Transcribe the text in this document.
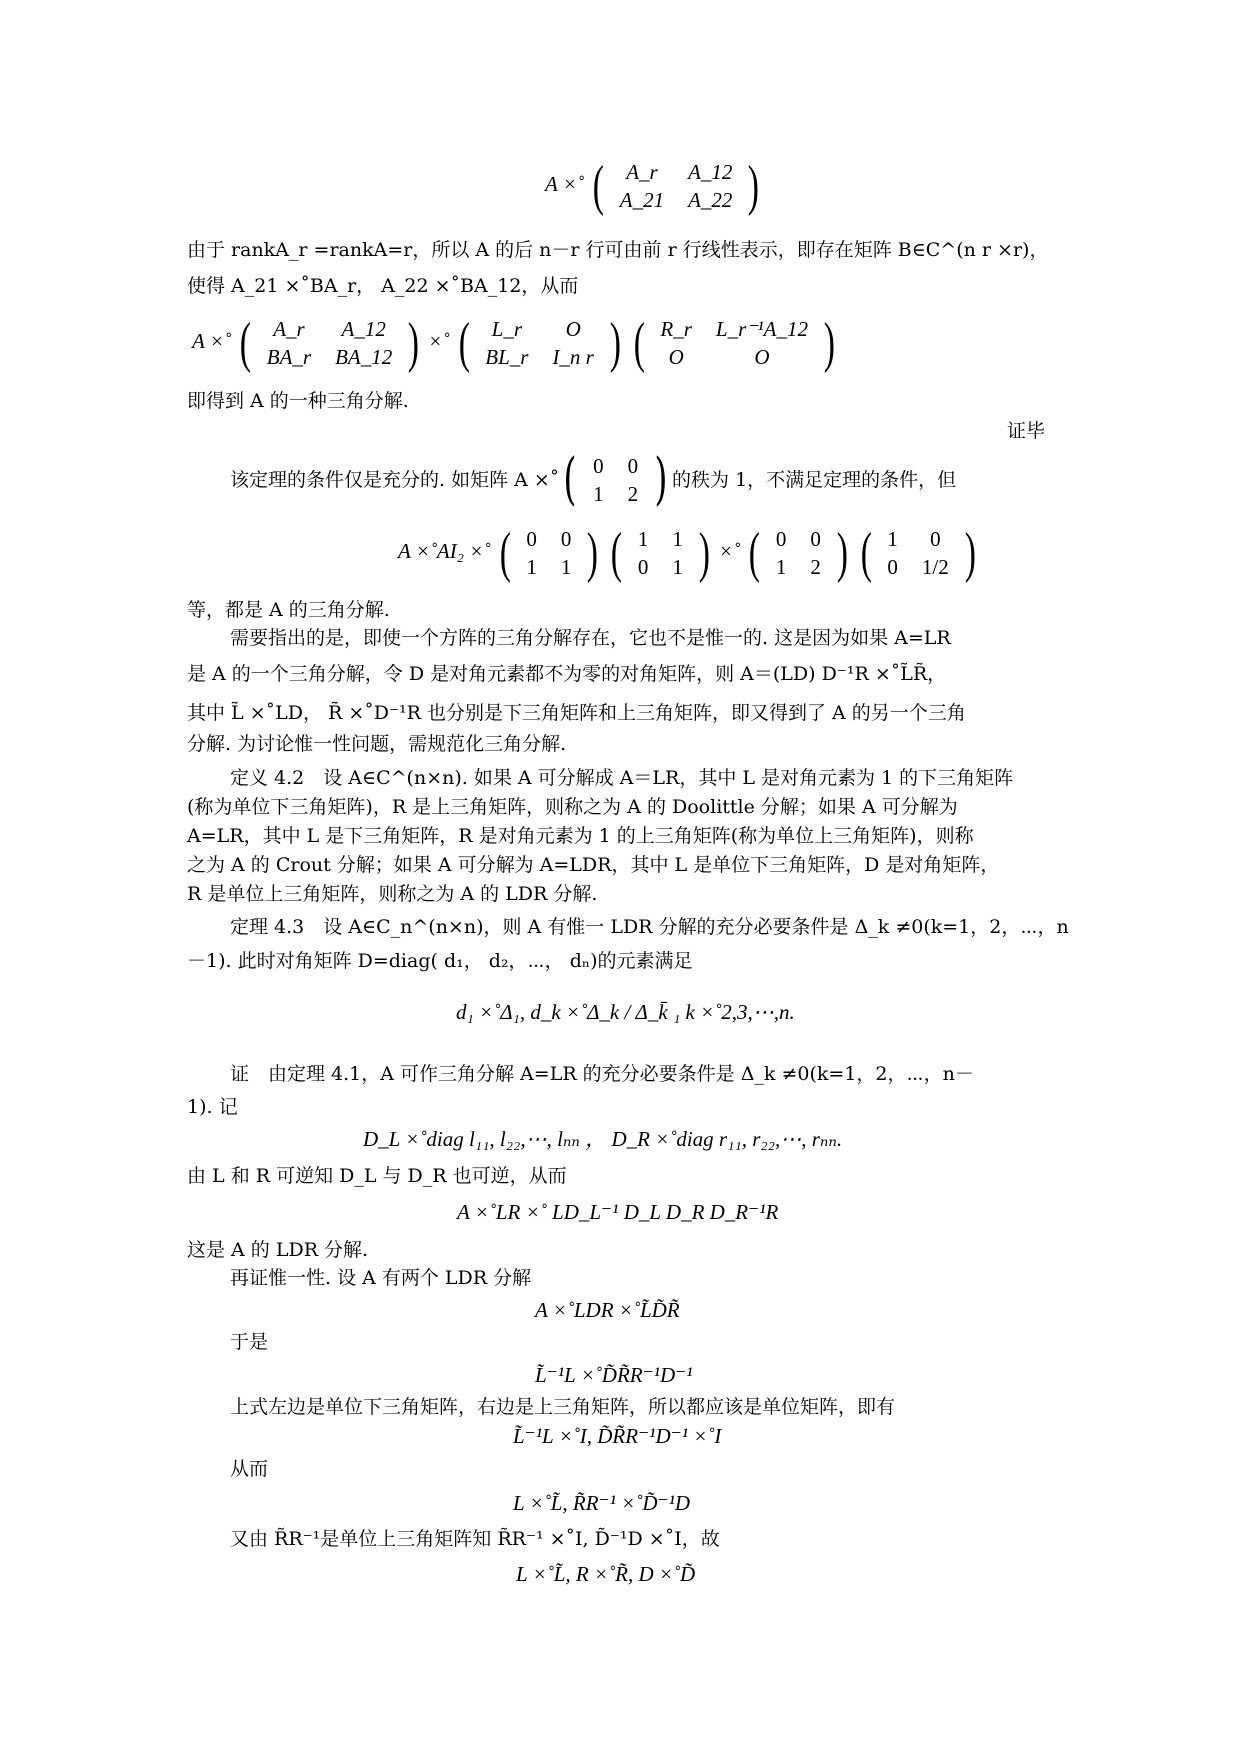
A ×˚ ( A_r	A_12
A_21	A_22 )
由于 rankA_r =rankA=r，所以 A 的后 n－r 行可由前 r 行线性表示，即存在矩阵 B∈C^(n r ×r)，
使得 A_21 ×˚BA_r， A_22 ×˚BA_12，从而
A ×˚ ( A_r	A_12
BA_r	BA_12 ) ×˚ ( L_r	O
BL_r	I_n r )
( R_r	L_r⁻¹A_12
O	O )
即得到 A 的一种三角分解.
证毕
该定理的条件仅是充分的. 如矩阵 A ×˚ ( 0	0
1	2 ) 的秩为 1，不满足定理的条件，但
A ×˚AI₂ ×˚ ( 0	0
1	1 )
( 1	1
0	1 ) ×˚ ( 0	0
1	2 )
( 1	0
0	1/2 )
等，都是 A 的三角分解.
需要指出的是，即使一个方阵的三角分解存在，它也不是惟一的. 这是因为如果 A=LR
是 A 的一个三角分解，令 D 是对角元素都不为零的对角矩阵，则 A＝(LD) D⁻¹R ×˚L̃R̃，
其中 L̃ ×˚LD， R̃ ×˚D⁻¹R 也分别是下三角矩阵和上三角矩阵，即又得到了 A 的另一个三角
分解. 为讨论惟一性问题，需规范化三角分解.
定义 4.2　设 A∈C^(n×n). 如果 A 可分解成 A＝LR，其中 L 是对角元素为 1 的下三角矩阵
(称为单位下三角矩阵)，R 是上三角矩阵，则称之为 A 的 Doolittle 分解；如果 A 可分解为
A=LR，其中 L 是下三角矩阵，R 是对角元素为 1 的上三角矩阵(称为单位上三角矩阵)，则称
之为 A 的 Crout 分解；如果 A 可分解为 A=LDR，其中 L 是单位下三角矩阵，D 是对角矩阵，
R 是单位上三角矩阵，则称之为 A 的 LDR 分解.
定理 4.3　设 A∈C_n^(n×n)，则 A 有惟一 LDR 分解的充分必要条件是 Δ_k ≠0(k=1，2，⋯，n
－1). 此时对角矩阵 D=diag( d₁， d₂，⋯， dₙ)的元素满足
d₁ ×˚Δ₁, d_k ×˚Δ_k / Δ_k̄ ₁ k ×˚2,3,⋯,n.
证　由定理 4.1，A 可作三角分解 A=LR 的充分必要条件是 Δ_k ≠0(k=1，2，⋯，n－
1). 记
D_L ×˚diag l₁₁, l₂₂,⋯, lₙₙ ， D_R ×˚diag r₁₁, r₂₂,⋯, rₙₙ.
由 L 和 R 可逆知 D_L 与 D_R 也可逆，从而
A ×˚LR ×˚ LD_L⁻¹ D_L D_R D_R⁻¹R
这是 A 的 LDR 分解.
再证惟一性. 设 A 有两个 LDR 分解
A ×˚LDR ×˚L̃D̃R̃
于是
L̃⁻¹L ×˚D̃R̃R⁻¹D⁻¹
上式左边是单位下三角矩阵，右边是上三角矩阵，所以都应该是单位矩阵，即有
L̃⁻¹L ×˚I, D̃R̃R⁻¹D⁻¹ ×˚I
从而
L ×˚L̃, R̃R⁻¹ ×˚D̃⁻¹D
又由 R̃R⁻¹是单位上三角矩阵知 R̃R⁻¹ ×˚I, D̃⁻¹D ×˚I，故
L ×˚L̃, R ×˚R̃, D ×˚D̃
